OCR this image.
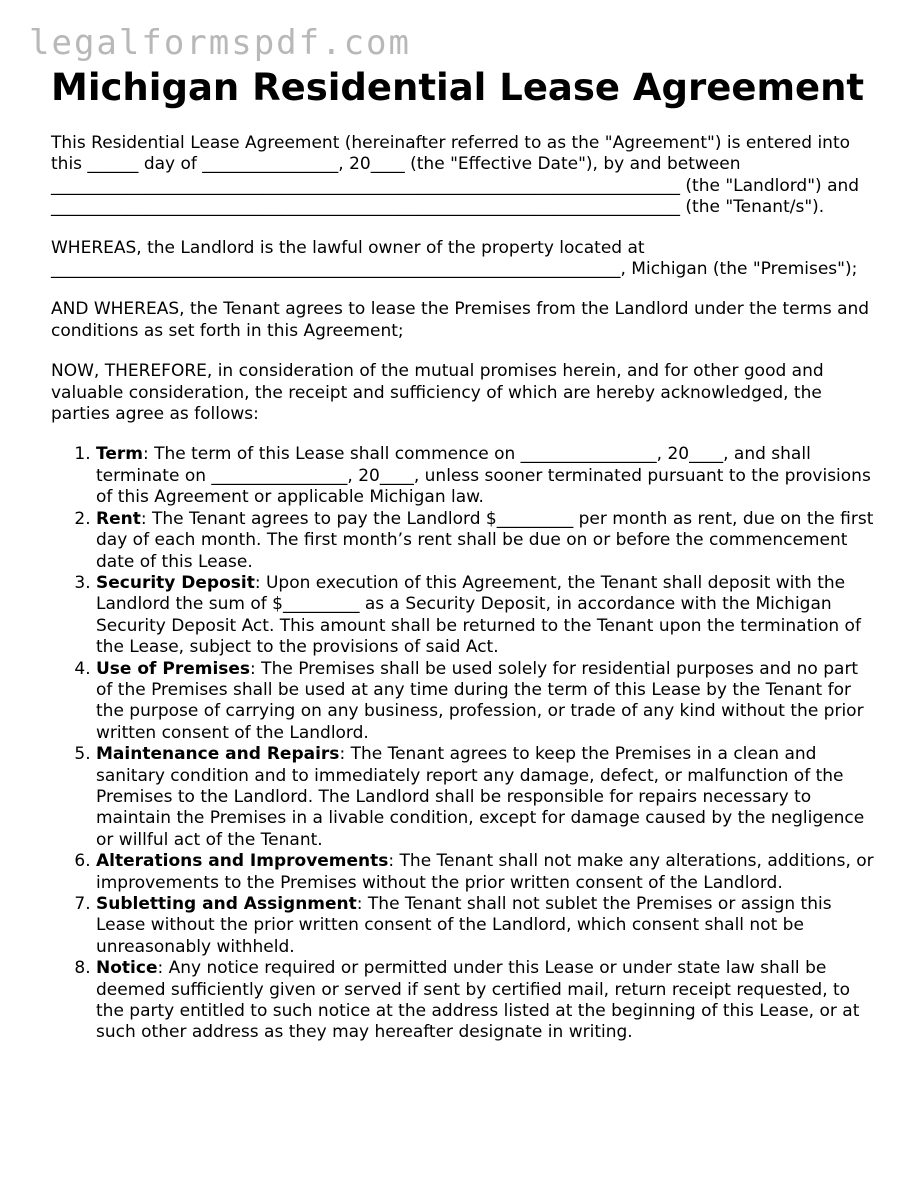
legalformspdf.com
Michigan Residential Lease Agreement

This Residential Lease Agreement (hereinafter referred to as the "Agreement") is entered into this ______ day of ________________, 20____ (the "Effective Date"), by and between __________________________________________________________________________ (the "Landlord") and __________________________________________________________________________ (the "Tenant/s").

WHEREAS, the Landlord is the lawful owner of the property located at ___________________________________________________________________, Michigan (the "Premises");

AND WHEREAS, the Tenant agrees to lease the Premises from the Landlord under the terms and conditions as set forth in this Agreement;

NOW, THEREFORE, in consideration of the mutual promises herein, and for other good and valuable consideration, the receipt and sufficiency of which are hereby acknowledged, the parties agree as follows:

1. Term: The term of this Lease shall commence on ________________, 20____, and shall terminate on ________________, 20____, unless sooner terminated pursuant to the provisions of this Agreement or applicable Michigan law.
2. Rent: The Tenant agrees to pay the Landlord $_________ per month as rent, due on the first day of each month. The first month’s rent shall be due on or before the commencement date of this Lease.
3. Security Deposit: Upon execution of this Agreement, the Tenant shall deposit with the Landlord the sum of $_________ as a Security Deposit, in accordance with the Michigan Security Deposit Act. This amount shall be returned to the Tenant upon the termination of the Lease, subject to the provisions of said Act.
4. Use of Premises: The Premises shall be used solely for residential purposes and no part of the Premises shall be used at any time during the term of this Lease by the Tenant for the purpose of carrying on any business, profession, or trade of any kind without the prior written consent of the Landlord.
5. Maintenance and Repairs: The Tenant agrees to keep the Premises in a clean and sanitary condition and to immediately report any damage, defect, or malfunction of the Premises to the Landlord. The Landlord shall be responsible for repairs necessary to maintain the Premises in a livable condition, except for damage caused by the negligence or willful act of the Tenant.
6. Alterations and Improvements: The Tenant shall not make any alterations, additions, or improvements to the Premises without the prior written consent of the Landlord.
7. Subletting and Assignment: The Tenant shall not sublet the Premises or assign this Lease without the prior written consent of the Landlord, which consent shall not be unreasonably withheld.
8. Notice: Any notice required or permitted under this Lease or under state law shall be deemed sufficiently given or served if sent by certified mail, return receipt requested, to the party entitled to such notice at the address listed at the beginning of this Lease, or at such other address as they may hereafter designate in writing.
